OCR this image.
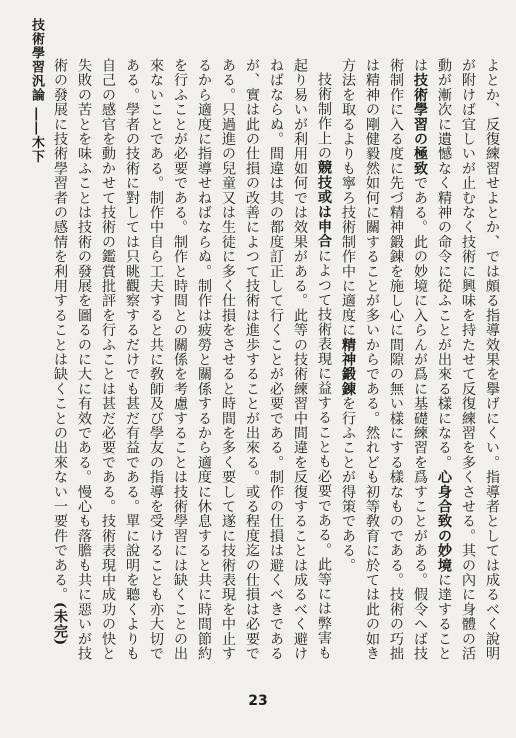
技術學習汎論 ――木下	よとか、反復練習せよとか、では頗る指導效果を擧げにくい。指導者としては成るべく說明が附けば宜しいが止むなく技術に興味を持たせて反復練習を多くさせる。其の內に身體の活動が漸次に遺憾なく精神の命令に從ふことが出來る樣になる。心身合致の妙境に達することは技術學習の極致である。此の妙境に入らんが爲に基礎練習を爲すことがある。假令へば技術制作に入る度に先づ精神鍛錬を施し心に間隙の無い樣にする樣なものである。技術の巧拙は精神の剛健毅然如何に關することが多いからである。然れども初等敎育に於ては此の如き方法を取るよりも寧ろ技術制作中に適度に精神鍛錬を行ふことが得策である。

技術制作上の競技或は申合によつて技術表現に益することも必要である。此等には弊害も起り易いが利用如何では效果がある。此等の技術練習中間違を反復することは成るべく避けねばならぬ。間違は其の都度訂正して行くことが必要である。制作の仕損は避くべきであるが、實は此の仕損の改善によつて技術は進歩することが出來る。或る程度迄の仕損は必要である。只過進の兒童又は生徒に多く仕損をさせると時間を多く要して遂に技術表現を中止するから適度に指導せねばならぬ。制作は疲勞と關係するから適度に休息すると共に時間節約を行ふことが必要である。制作と時間との關係を考慮することは技術學習には缺くことの出來ないことである。制作中自ら工夫すると共に敎師及び學友の指導を受けることも亦大切である。學者の技術に對しては只眺觀察するだけでも甚だ有益である。單に說明を聽くよりも自己の感官を動かせて技術の鑑賞批評を行ふことは甚だ必要である。技術表現中成功の快と失敗の苦とを味ふことは技術の發展を圖るのに大に有效である。慢心も落膽も共に惡いが技術の發展に技術學習者の感情を利用することは缺くことの出來ない一要件である。(未完)

23
